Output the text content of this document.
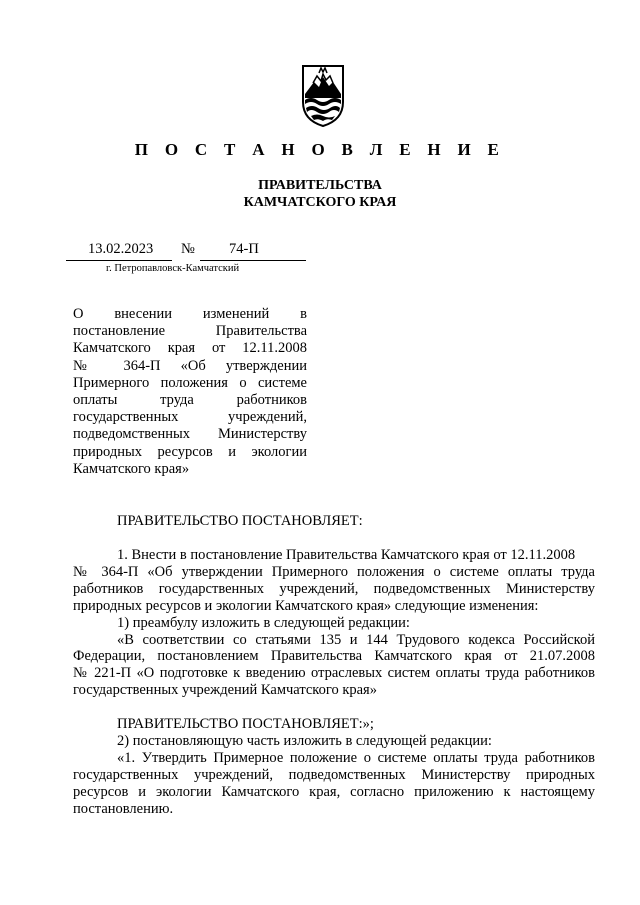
П О С Т А Н О В Л Е Н И Е
ПРАВИТЕЛЬСТВА
КАМЧАТСКОГО КРАЯ
13.02.2023 № 74-П
г. Петропавловск-Камчатский
О внесении изменений в
постановление Правительства
Камчатского края от 12.11.2008
№ 364-П «Об утверждении
Примерного положения о системе
оплаты труда работников
государственных учреждений,
подведомственных Министерству
природных ресурсов и экологии
Камчатского края»
ПРАВИТЕЛЬСТВО ПОСТАНОВЛЯЕТ:
1. Внести в постановление Правительства Камчатского края от 12.11.2008
№ 364-П «Об утверждении Примерного положения о системе оплаты труда
работников государственных учреждений, подведомственных Министерству
природных ресурсов и экологии Камчатского края» следующие изменения:
1) преамбулу изложить в следующей редакции:
«В соответствии со статьями 135 и 144 Трудового кодекса Российской
Федерации, постановлением Правительства Камчатского края от 21.07.2008
№ 221-П «О подготовке к введению отраслевых систем оплаты труда работников
государственных учреждений Камчатского края»
ПРАВИТЕЛЬСТВО ПОСТАНОВЛЯЕТ:»;
2) постановляющую часть изложить в следующей редакции:
«1. Утвердить Примерное положение о системе оплаты труда работников
государственных учреждений, подведомственных Министерству природных
ресурсов и экологии Камчатского края, согласно приложению к настоящему
постановлению.
